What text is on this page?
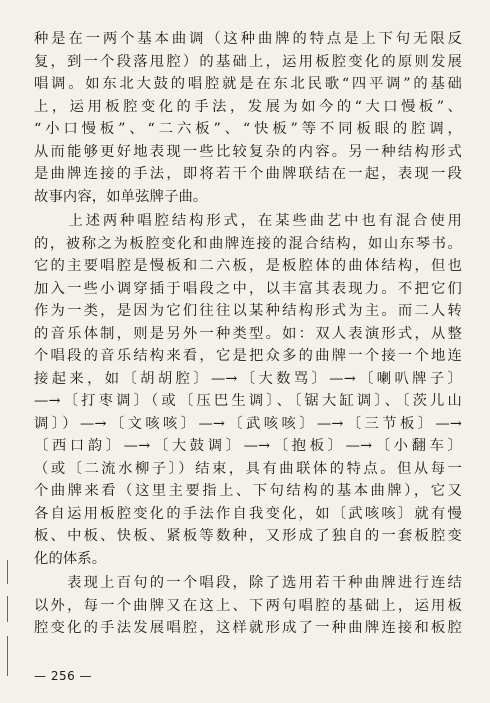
种是在一两个基本曲调（这种曲牌的特点是上下句无限反
复，到一个段落甩腔）的基础上，运用板腔变化的原则发展
唱调。如东北大鼓的唱腔就是在东北民歌“四平调”的基础
上，运用板腔变化的手法，发展为如今的“大口慢板”、
“小口慢板”、“二六板”、“快板”等不同板眼的腔调，
从而能够更好地表现一些比较复杂的内容。另一种结构形式
是曲牌连接的手法，即将若干个曲牌联结在一起，表现一段
故事内容，如单弦牌子曲。
　　上述两种唱腔结构形式，在某些曲艺中也有混合使用
的，被称之为板腔变化和曲牌连接的混合结构，如山东琴书。
它的主要唱腔是慢板和二六板，是板腔体的曲体结构，但也
加入一些小调穿插于唱段之中，以丰富其表现力。不把它们
作为一类，是因为它们往往以某种结构形式为主。而二人转
的音乐体制，则是另外一种类型。如：双人表演形式，从整
个唱段的音乐结构来看，它是把众多的曲牌一个接一个地连
接起来，如〔胡胡腔〕—→〔大数骂〕—→〔喇叭牌子〕
—→〔打枣调〕（或〔压巴生调〕、〔锯大缸调〕、〔茨儿山
调〕）—→〔文咳咳〕—→〔武咳咳〕—→〔三节板〕—→
〔西口韵〕—→〔大鼓调〕—→〔抱板〕—→〔小翻车〕
（或〔二流水柳子〕）结束，具有曲联体的特点。但从每一
个曲牌来看（这里主要指上、下句结构的基本曲牌），它又
各自运用板腔变化的手法作自我变化，如〔武咳咳〕就有慢
板、中板、快板、紧板等数种，又形成了独自的一套板腔变
化的体系。
　　表现上百句的一个唱段，除了选用若干种曲牌进行连结
以外，每一个曲牌又在这上、下两句唱腔的基础上，运用板
腔变化的手法发展唱腔，这样就形成了一种曲牌连接和板腔
— 256 —
